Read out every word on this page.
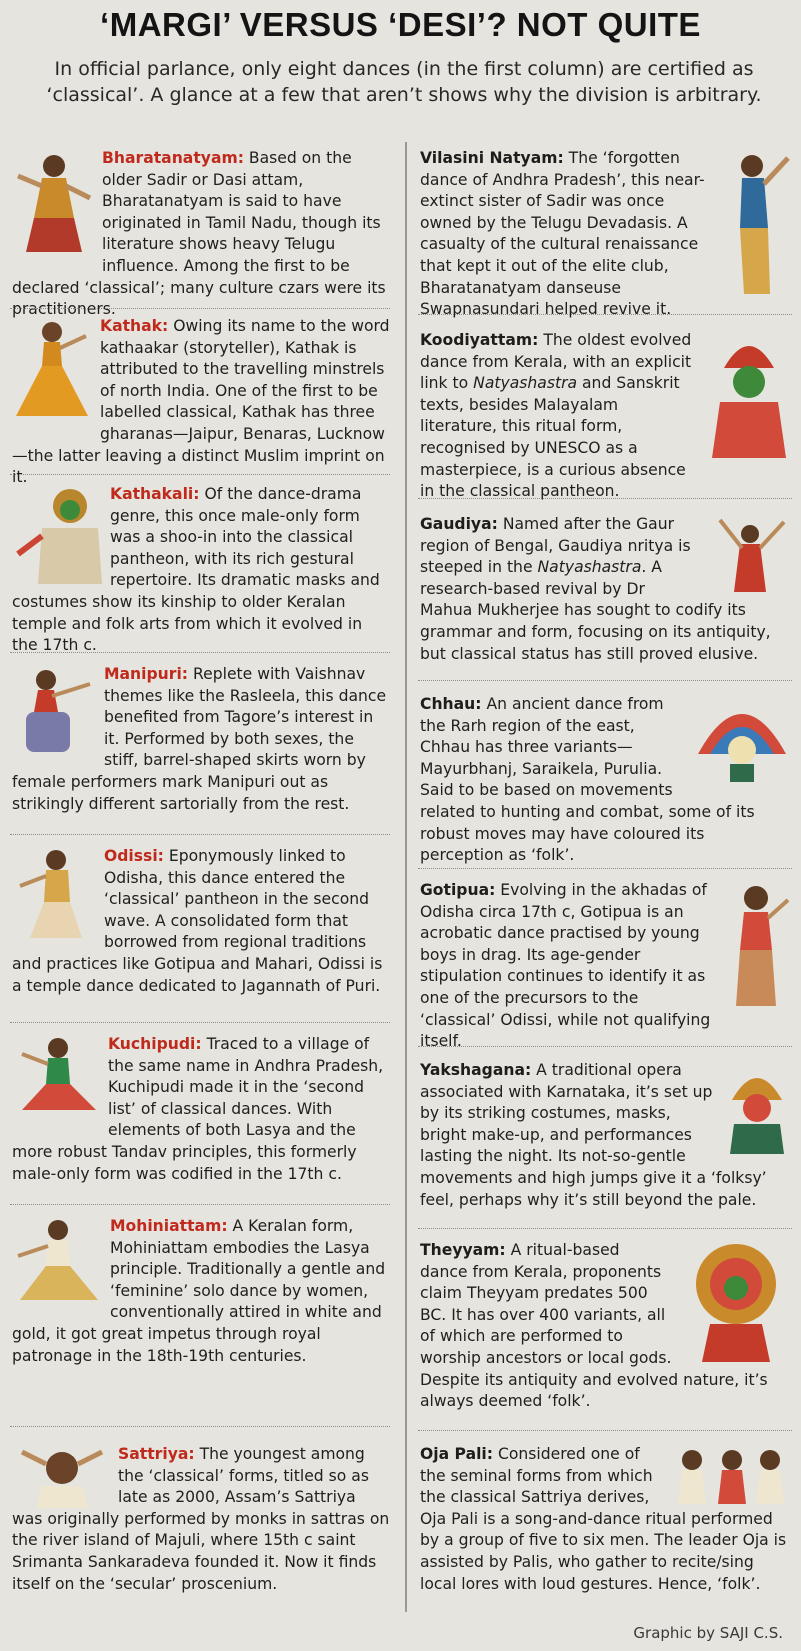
‘MARGI’ VERSUS ‘DESI’? NOT QUITE
In official parlance, only eight dances (in the first column) are certified as ‘classical’. A glance at a few that aren’t shows why the division is arbitrary.

Bharatanatyam: Based on the older Sadir or Dasi attam, Bharatanatyam is said to have originated in Tamil Nadu, though its literature shows heavy Telugu influence. Among the first to be declared ‘classical’; many culture czars were its practitioners.

Kathak: Owing its name to the word kathaakar (storyteller), Kathak is attributed to the travelling minstrels of north India. One of the first to be labelled classical, Kathak has three gharanas—Jaipur, Benaras, Lucknow—the latter leaving a distinct Muslim imprint on it.

Kathakali: Of the dance-drama genre, this once male-only form was a shoo-in into the classical pantheon, with its rich gestural repertoire. Its dramatic masks and costumes show its kinship to older Keralan temple and folk arts from which it evolved in the 17th c.

Manipuri: Replete with Vaishnav themes like the Rasleela, this dance benefited from Tagore’s interest in it. Performed by both sexes, the stiff, barrel-shaped skirts worn by female performers mark Manipuri out as strikingly different sartorially from the rest.

Odissi: Eponymously linked to Odisha, this dance entered the ‘classical’ pantheon in the second wave. A consolidated form that borrowed from regional traditions and practices like Gotipua and Mahari, Odissi is a temple dance dedicated to Jagannath of Puri.

Kuchipudi: Traced to a village of the same name in Andhra Pradesh, Kuchipudi made it in the ‘second list’ of classical dances. With elements of both Lasya and the more robust Tandav principles, this formerly male-only form was codified in the 17th c.

Mohiniattam: A Keralan form, Mohiniattam embodies the Lasya principle. Traditionally a gentle and ‘feminine’ solo dance by women, conventionally attired in white and gold, it got great impetus through royal patronage in the 18th-19th centuries.

Sattriya: The youngest among the ‘classical’ forms, titled so as late as 2000, Assam’s Sattriya was originally performed by monks in sattras on the river island of Majuli, where 15th c saint Srimanta Sankaradeva founded it. Now it finds itself on the ‘secular’ proscenium.

Vilasini Natyam: The ‘forgotten dance of Andhra Pradesh’, this near-extinct sister of Sadir was once owned by the Telugu Devadasis. A casualty of the cultural renaissance that kept it out of the elite club, Bharatanatyam danseuse Swapnasundari helped revive it.

Koodiyattam: The oldest evolved dance from Kerala, with an explicit link to Natyashastra and Sanskrit texts, besides Malayalam literature, this ritual form, recognised by UNESCO as a masterpiece, is a curious absence in the classical pantheon.

Gaudiya: Named after the Gaur region of Bengal, Gaudiya nritya is steeped in the Natyashastra. A research-based revival by Dr Mahua Mukherjee has sought to codify its grammar and form, focusing on its antiquity, but classical status has still proved elusive.

Chhau: An ancient dance from the Rarh region of the east, Chhau has three variants—Mayurbhanj, Saraikela, Purulia. Said to be based on movements related to hunting and combat, some of its robust moves may have coloured its perception as ‘folk’.

Gotipua: Evolving in the akhadas of Odisha circa 17th c, Gotipua is an acrobatic dance practised by young boys in drag. Its age-gender stipulation continues to identify it as one of the precursors to the ‘classical’ Odissi, while not qualifying itself.

Yakshagana: A traditional opera associated with Karnataka, it’s set up by its striking costumes, masks, bright make-up, and performances lasting the night. Its not-so-gentle movements and high jumps give it a ‘folksy’ feel, perhaps why it’s still beyond the pale.

Theyyam: A ritual-based dance from Kerala, proponents claim Theyyam predates 500 BC. It has over 400 variants, all of which are performed to worship ancestors or local gods. Despite its antiquity and evolved nature, it’s always deemed ‘folk’.

Oja Pali: Considered one of the seminal forms from which the classical Sattriya derives, Oja Pali is a song-and-dance ritual performed by a group of five to six men. The leader Oja is assisted by Palis, who gather to recite/sing local lores with loud gestures. Hence, ‘folk’.

Graphic by SAJI C.S.
